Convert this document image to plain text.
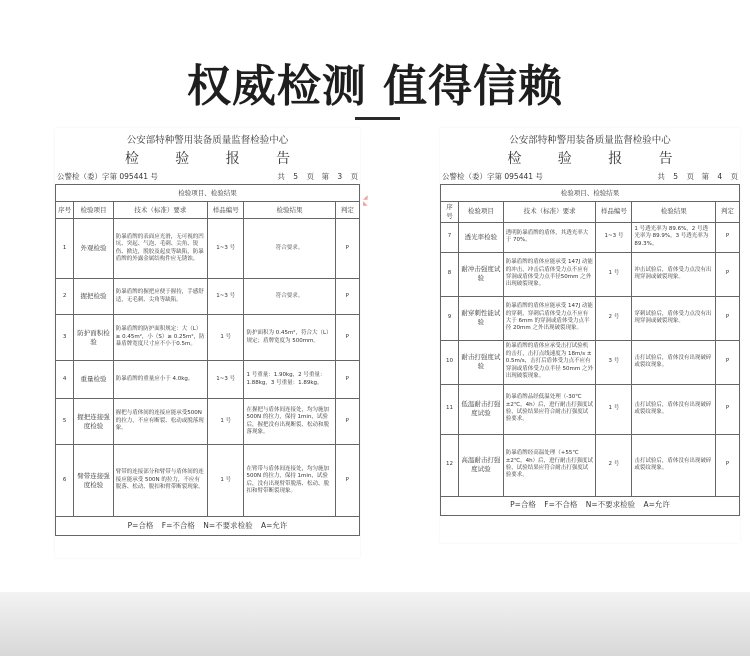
权威检测 值得信赖
◢
◣
公安部特种警用装备质量监督检验中心
检 验 报 告
公警检（委）字第 095441 号	共 5 页　第 3 页
检验项目、检验结果					
序号	检验项目	技术（标准）要求	样品编号	检验结果	判定
1	外观检验	防暴盾牌的表面应光滑，无可视的凹坑、突起、气泡、毛刺、尖角、锐伤、掀边，脱胶及起皮等缺陷，防暴盾牌的外露金属结构件应无锈蚀。	1~3 号	符合要求。	P
2	握把检验	防暴盾牌的握把应便于握持，手感舒适，无毛刺、尖角等缺陷。	1~3 号	符合要求。	P
3	防护面积检验	防暴盾牌的防护面积规定：大（L）≥ 0.45m²，小（S）≥ 0.25m²，防暴盾牌宽度尺寸应不小于0.5m。	1 号	防护面积为 0.45m²，符合大（L）规定；盾牌宽度为 500mm。	P
4	重量检验	防暴盾牌的重量应小于 4.0kg。	1~3 号	1 号重量：1.90kg，2 号重量：1.88kg，3 号重量：1.89kg。	P
5	握把连接强度检验	握把与盾体间的连接应能承受500N 的拉力，不应有断裂、松动或脱落现象。	1 号	在握把与盾体间连接处，均匀施加 500N 的拉力，保持 1min，试验后，握把没有出现断裂、松动和脱落现象。	P
6	臂带连接强度检验	臂带的连接部分和臂带与盾体间的连接应能承受 500N 的拉力，不应有脱落、松动、脱扣和臂带断裂现象。	1 号	在臂带与盾体间连接处，均匀施加 500N 的拉力，保持 1min，试验后，没有出现臂带脱落、松动、脱扣和臂带断裂现象。	P
P=合格 F=不合格 N=不要求检验 A=允许					
公安部特种警用装备质量监督检验中心
检 验 报 告
公警检（委）字第 095441 号	共 5 页　第 4 页
检验项目、检验结果					
序号	检验项目	技术（标准）要求	样品编号	检验结果	判定
7	透光率检验	透明防暴盾牌的盾体，其透光率大于 70%。	1~3 号	1 号透光率为 89.6%，2 号透光率为 89.9%，3 号透光率为 89.3%。	P
8	耐冲击强度试验	防暴盾牌的盾体应能承受 147J 动能的冲击，冲击后盾体受力点不应有穿洞或盾体受力点半径50mm 之外出现破裂现象。	1 号	冲击试验后，盾体受力点没有出现穿洞或破裂现象。	P
9	耐穿刺性能试验	防暴盾牌的盾体应能承受 147J 动能的穿刺，穿刺后盾体受力点不应有大于 6mm 的穿洞或盾体受力点半径 20mm 之外出现破裂现象。	2 号	穿刺试验后，盾体受力点没有出现穿洞或破裂现象。	P
10	耐击打强度试验	防暴盾牌的盾体应承受击打试验机的击打，击打点线速度为 18m/s ± 0.5m/s，击打后盾体受力点不应有穿洞或盾体受力点半径 50mm 之外出现破裂现象。	3 号	击打试验后，盾体没有出现破碎或裂纹现象。	P
11	低温耐击打强度试验	防暴盾牌品经低温处理（-30℃±2℃，4h）后，进行耐击打强度试验，试验结果应符合耐击打强度试验要求。	1 号	击打试验后，盾体没有出现破碎或裂纹现象。	P
12	高温耐击打强度试验	防暴盾牌经高温处理（+55℃±2℃，4h）后，进行耐击打强度试验，试验结果应符合耐击打强度试验要求。	2 号	击打试验后，盾体没有出现破碎或裂纹现象。	P
P=合格 F=不合格 N=不要求检验 A=允许					
